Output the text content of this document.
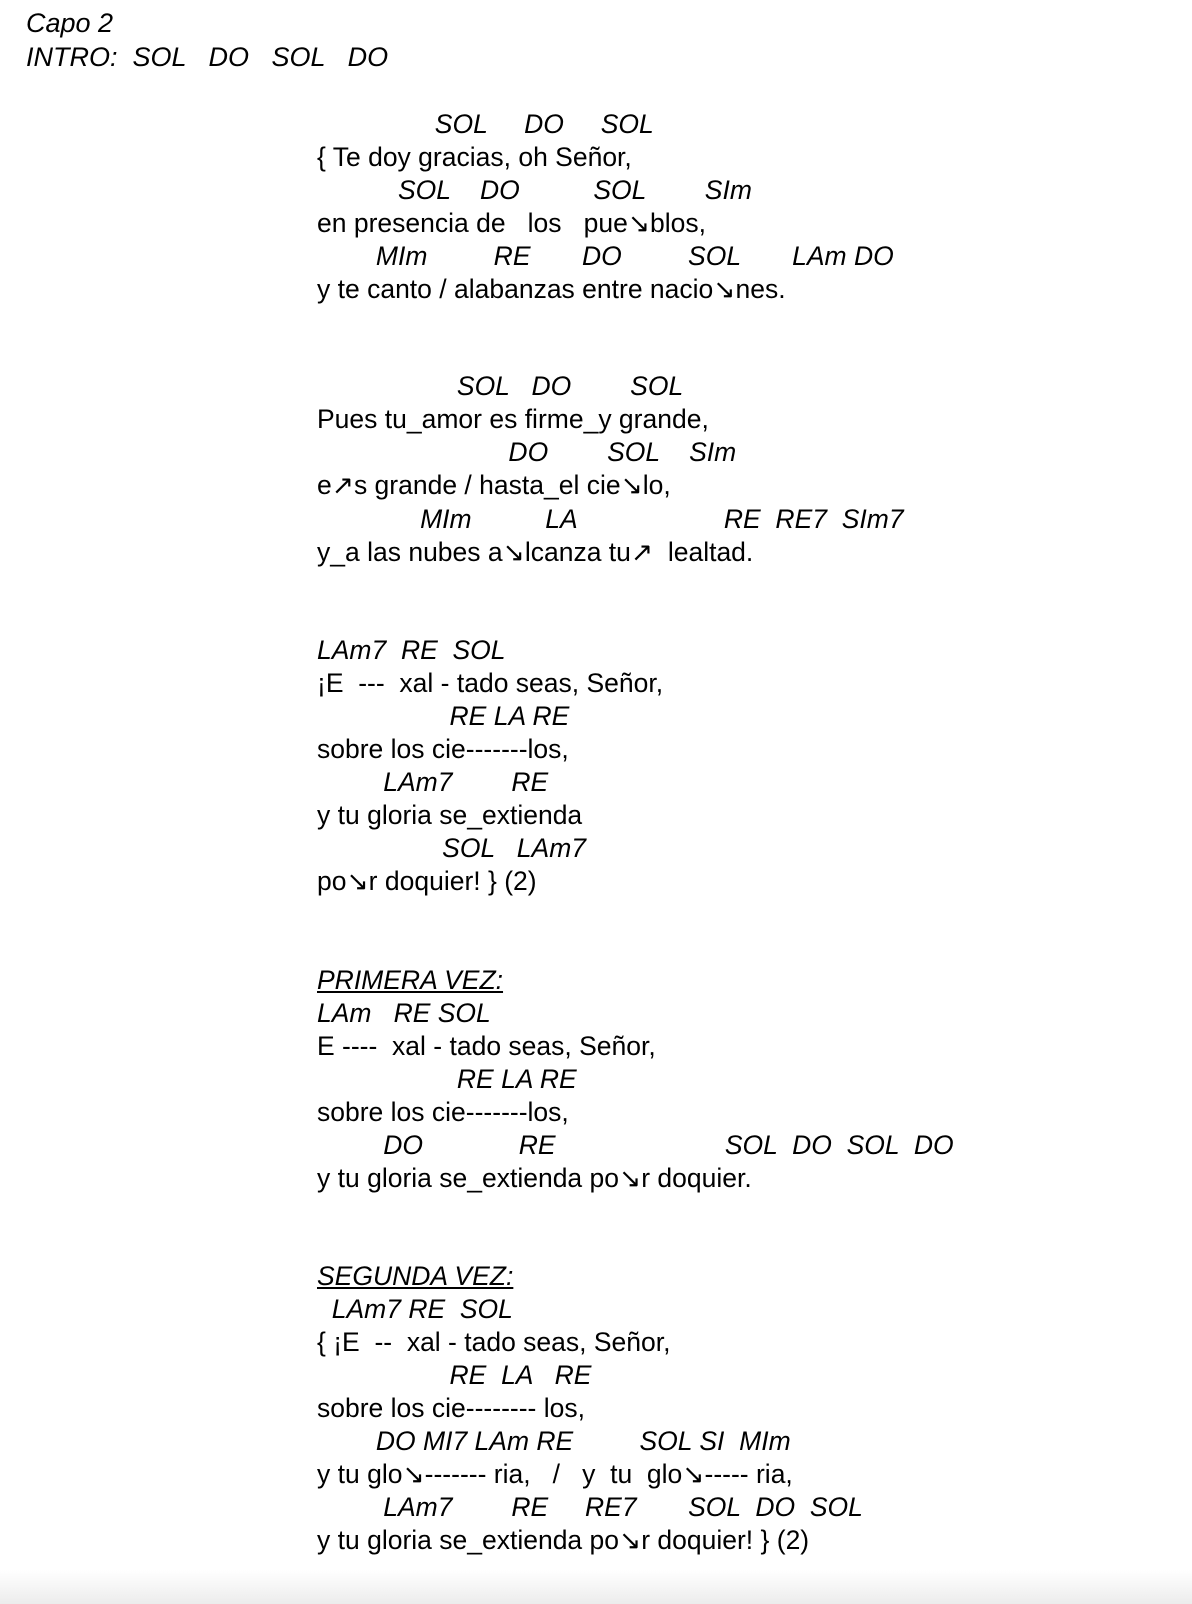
Capo 2
INTRO:  SOL   DO   SOL   DO
SOL     DO     SOL
{ Te doy gracias, oh Señor,
SOL    DO          SOL        SIm
en presencia de   los   pue↘blos,
MIm         RE       DO         SOL       LAm DO
y te canto / alabanzas entre nacio↘nes.
SOL   DO        SOL
Pues tu_amor es firme_y grande,
DO        SOL    SIm
e↗s grande / hasta_el cie↘lo,
MIm          LA                    RE  RE7  SIm7
y_a las nubes a↘lcanza tu↗  lealtad.
LAm7  RE  SOL
¡E  ---  xal - tado seas, Señor,
RE LA RE
sobre los cie-------los,
LAm7        RE
y tu gloria se_extienda
SOL   LAm7
po↘r doquier! } (2)
PRIMERA VEZ:
LAm   RE SOL
E ----  xal - tado seas, Señor,
RE LA RE
sobre los cie-------los,
DO             RE                       SOL  DO  SOL  DO
y tu gloria se_extienda po↘r doquier.
SEGUNDA VEZ:
LAm7 RE  SOL
{ ¡E  --  xal - tado seas, Señor,
RE  LA   RE
sobre los cie-------- los,
DO MI7 LAm RE         SOL SI  MIm
y tu glo↘------- ria,   /   y  tu  glo↘----- ria,
LAm7        RE     RE7       SOL  DO  SOL
y tu gloria se_extienda po↘r doquier! } (2)
